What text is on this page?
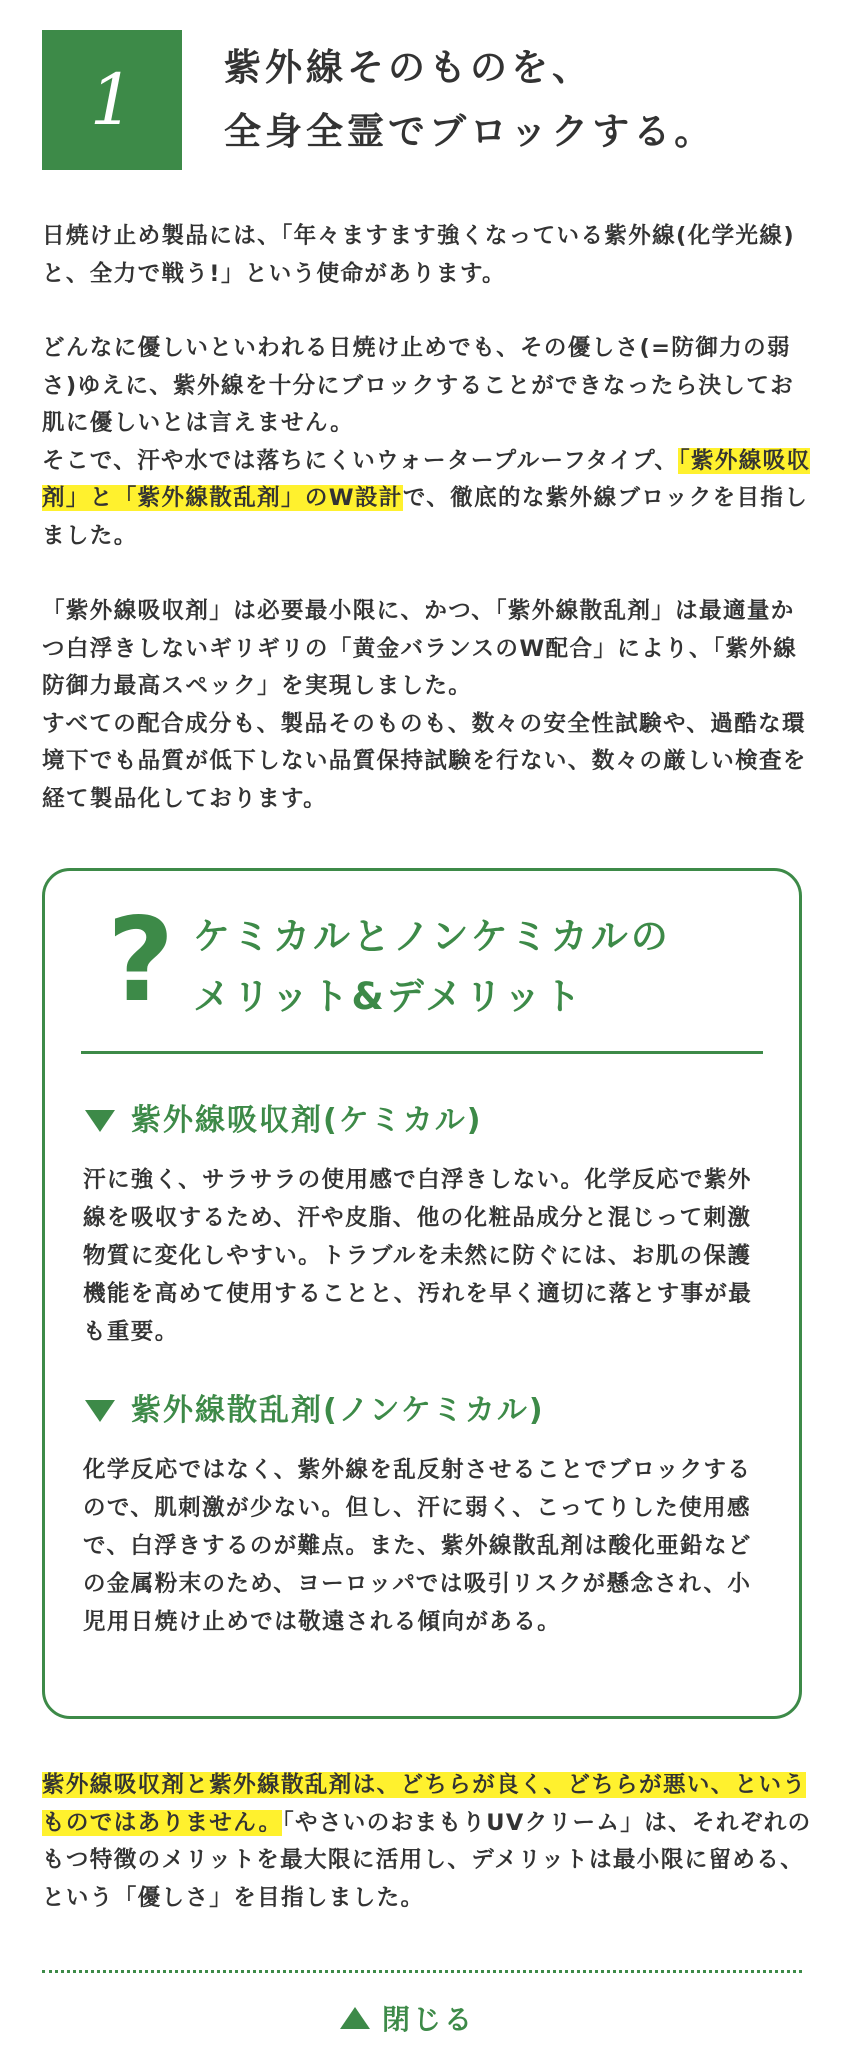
1	紫外線そのものを、
全身全霊でブロックする。

日焼け止め製品には、「年々ますます強くなっている紫外線(化学光線)と、全力で戦う!」という使命があります。

どんなに優しいといわれる日焼け止めでも、その優しさ(=防御力の弱さ)ゆえに、紫外線を十分にブロックすることができなったら決してお肌に優しいとは言えません。

そこで、汗や水では落ちにくいウォータープルーフタイプ、「紫外線吸収剤」と「紫外線散乱剤」のW設計で、徹底的な紫外線ブロックを目指しました。

「紫外線吸収剤」は必要最小限に、かつ、「紫外線散乱剤」は最適量かつ白浮きしないギリギリの「黄金バランスのW配合」により、「紫外線防御力最高スペック」を実現しました。

すべての配合成分も、製品そのものも、数々の安全性試験や、過酷な環境下でも品質が低下しない品質保持試験を行ない、数々の厳しい検査を経て製品化しております。

? ケミカルとノンケミカルの
メリット&デメリット
紫外線吸収剤(ケミカル)

汗に強く、サラサラの使用感で白浮きしない。化学反応で紫外線を吸収するため、汗や皮脂、他の化粧品成分と混じって刺激物質に変化しやすい。トラブルを未然に防ぐには、お肌の保護機能を高めて使用することと、汚れを早く適切に落とす事が最も重要。

紫外線散乱剤(ノンケミカル)

化学反応ではなく、紫外線を乱反射させることでブロックするので、肌刺激が少ない。但し、汗に弱く、こってりした使用感で、白浮きするのが難点。また、紫外線散乱剤は酸化亜鉛などの金属粉末のため、ヨーロッパでは吸引リスクが懸念され、小児用日焼け止めでは敬遠される傾向がある。

紫外線吸収剤と紫外線散乱剤は、どちらが良く、どちらが悪い、というものではありません。「やさいのおまもりUVクリーム」は、それぞれのもつ特徴のメリットを最大限に活用し、デメリットは最小限に留める、という「優しさ」を目指しました。

閉じる
